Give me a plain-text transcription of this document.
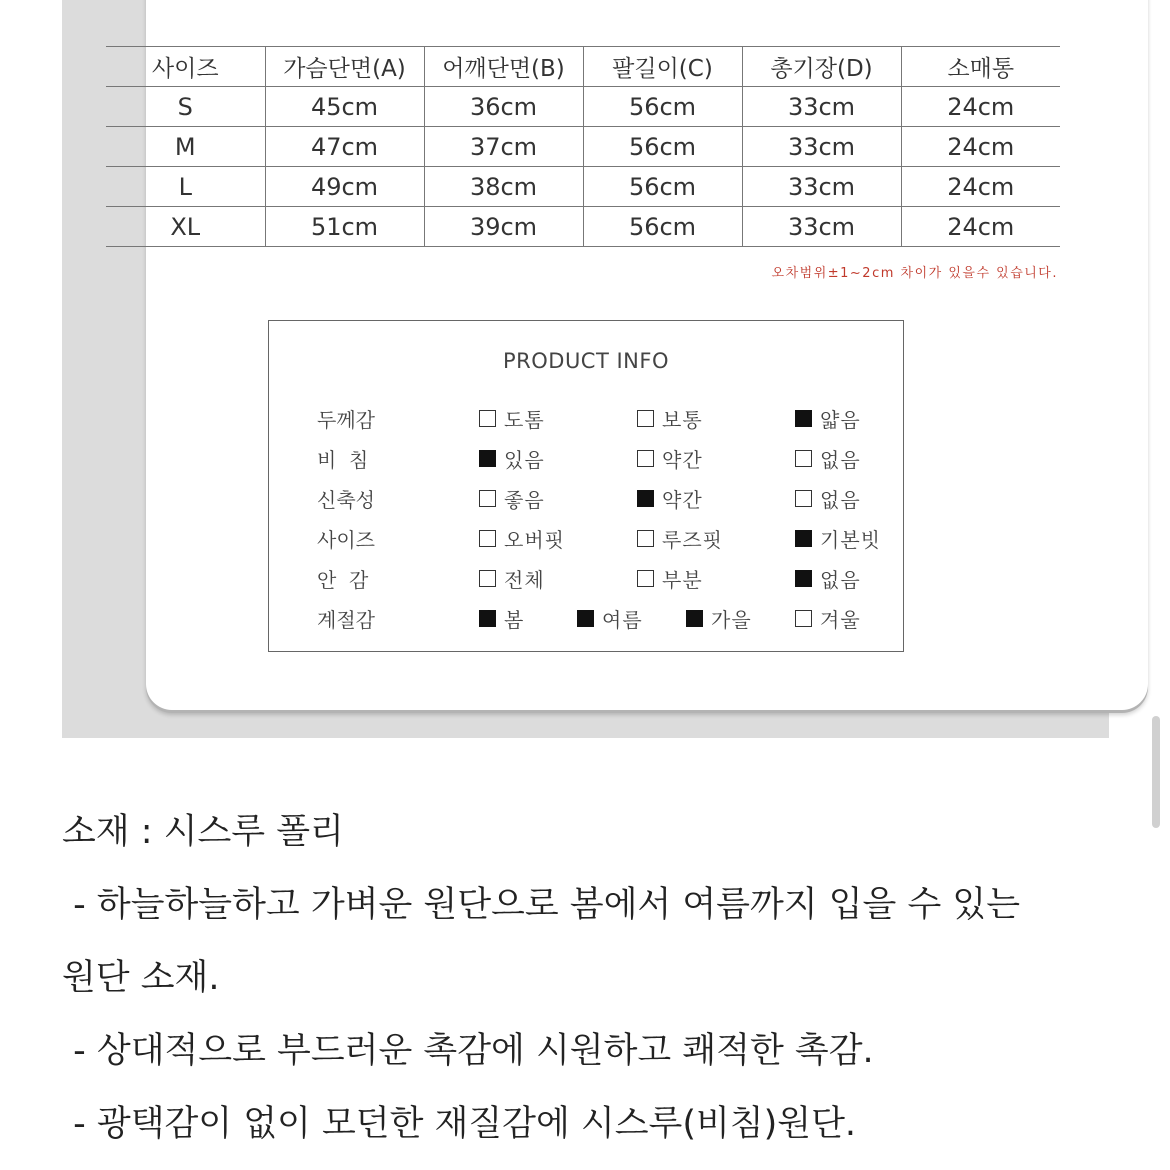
사이즈	가슴단면(A)	어깨단면(B)	팔길이(C)	총기장(D)	소매통
S	45cm	36cm	56cm	33cm	24cm
M	47cm	37cm	56cm	33cm	24cm
L	49cm	38cm	56cm	33cm	24cm
XL	51cm	39cm	56cm	33cm	24cm
오차범위±1~2cm 차이가 있을수 있습니다.
PRODUCT INFO
두께감	도톰	보통	얇음
비  침	있음	약간	없음
신축성	좋음	약간	없음
사이즈	오버핏	루즈핏	기본빗
안  감	전체	부분	없음
계절감	봄	여름	가을	겨울

소재 : 시스루 폴리

- 하늘하늘하고 가벼운 원단으로 봄에서 여름까지 입을 수 있는

원단 소재.

- 상대적으로 부드러운 촉감에 시원하고 쾌적한 촉감.

- 광택감이 없이 모던한 재질감에 시스루(비침)원단.
